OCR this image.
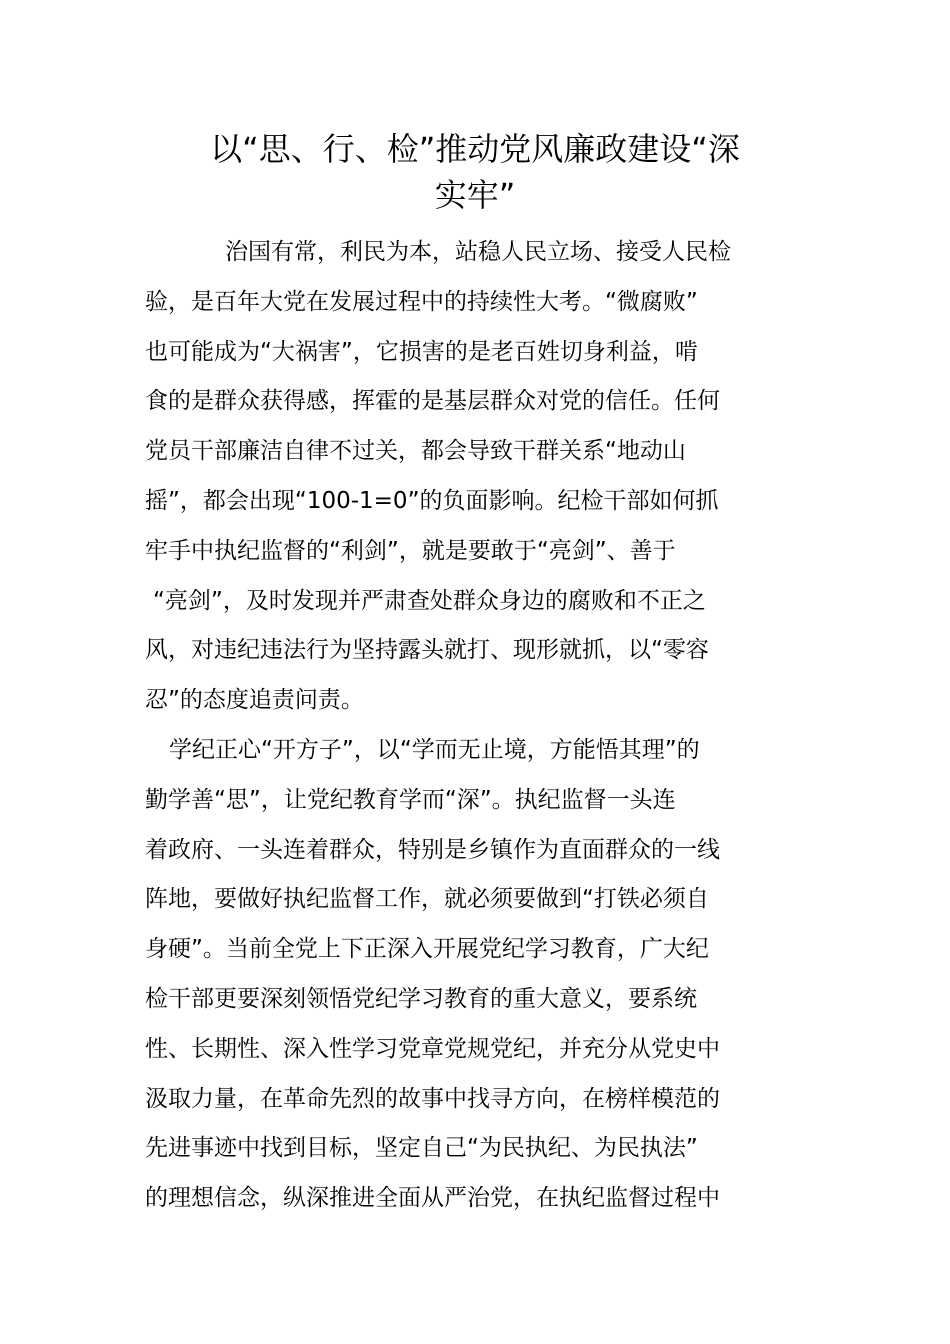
以“思、行、检”推动党风廉政建设“深
实牢”
治国有常，利民为本，站稳人民立场、接受人民检
验，是百年大党在发展过程中的持续性大考。“微腐败”
也可能成为“大祸害”，它损害的是老百姓切身利益，啃
食的是群众获得感，挥霍的是基层群众对党的信任。任何
党员干部廉洁自律不过关，都会导致干群关系“地动山
摇”，都会出现“100-1=0”的负面影响。纪检干部如何抓
牢手中执纪监督的“利剑”，就是要敢于“亮剑”、善于
“亮剑”，及时发现并严肃查处群众身边的腐败和不正之
风，对违纪违法行为坚持露头就打、现形就抓，以“零容
忍”的态度追责问责。
学纪正心“开方子”，以“学而无止境，方能悟其理”的
勤学善“思”，让党纪教育学而“深”。执纪监督一头连
着政府、一头连着群众，特别是乡镇作为直面群众的一线
阵地，要做好执纪监督工作，就必须要做到“打铁必须自
身硬”。当前全党上下正深入开展党纪学习教育，广大纪
检干部更要深刻领悟党纪学习教育的重大意义，要系统
性、长期性、深入性学习党章党规党纪，并充分从党史中
汲取力量，在革命先烈的故事中找寻方向，在榜样模范的
先进事迹中找到目标，坚定自己“为民执纪、为民执法”
的理想信念，纵深推进全面从严治党，在执纪监督过程中
